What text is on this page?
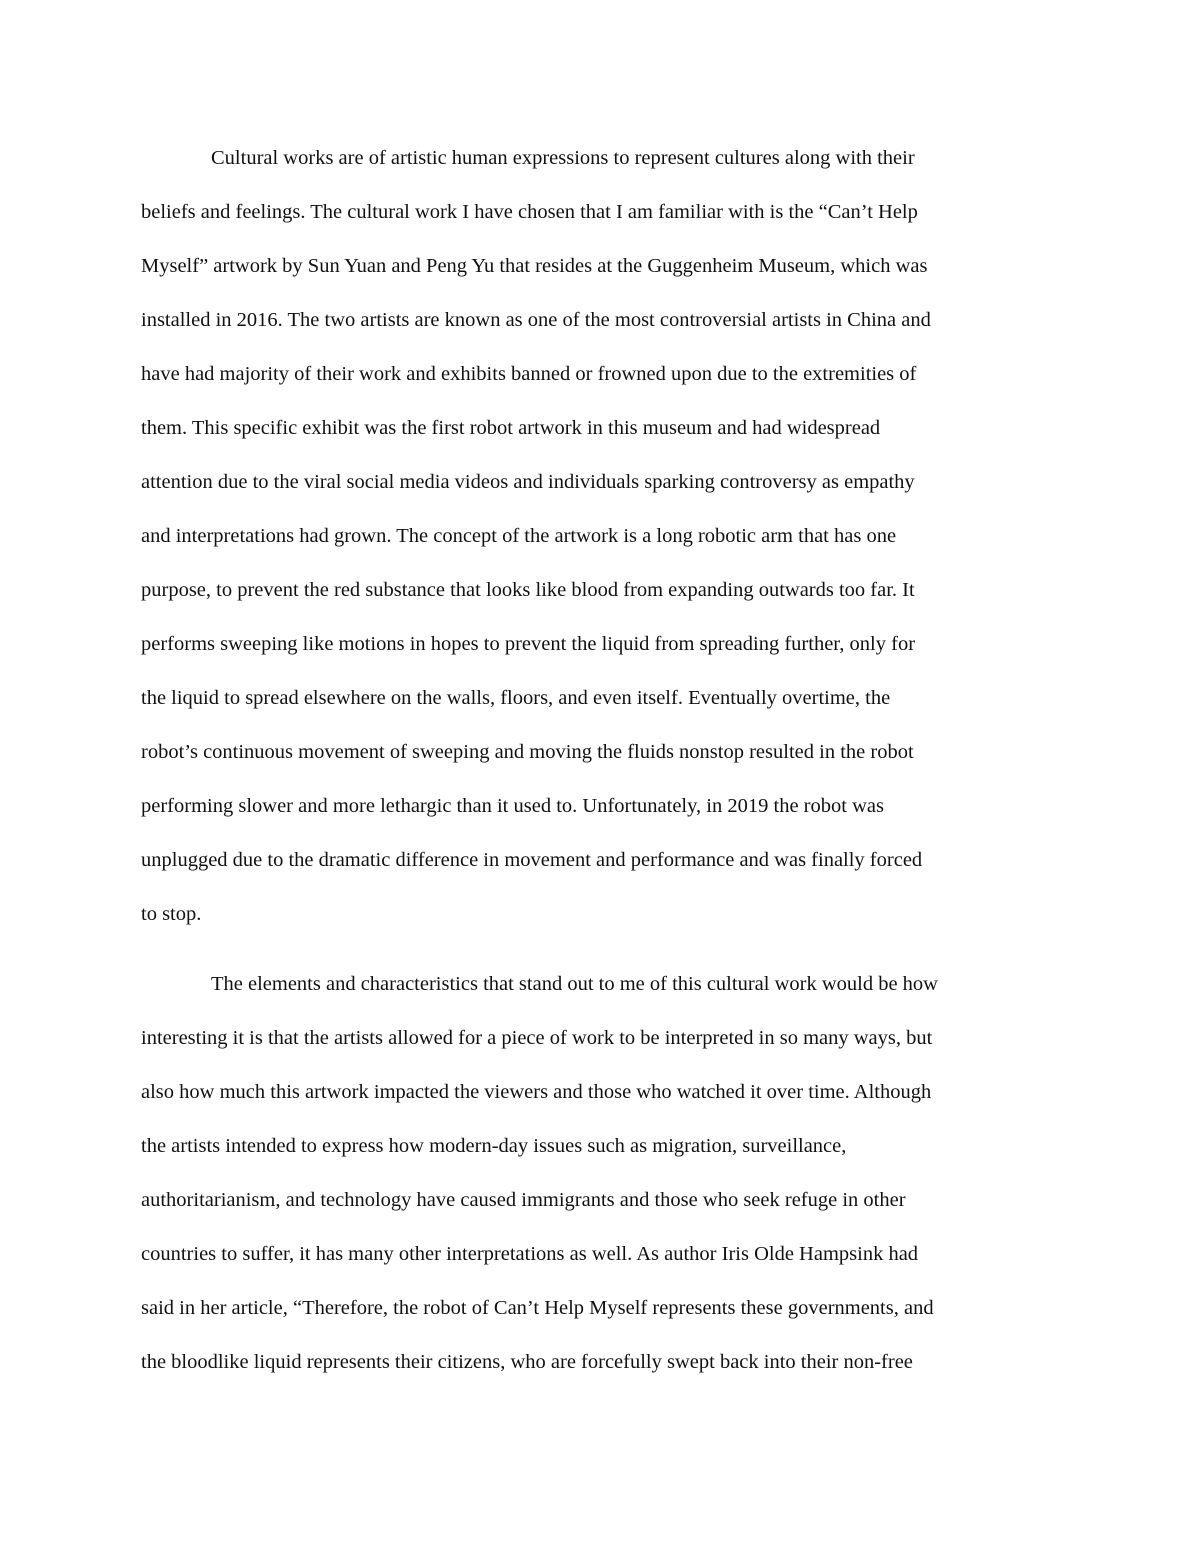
Cultural works are of artistic human expressions to represent cultures along with their
beliefs and feelings. The cultural work I have chosen that I am familiar with is the “Can’t Help
Myself” artwork by Sun Yuan and Peng Yu that resides at the Guggenheim Museum, which was
installed in 2016. The two artists are known as one of the most controversial artists in China and
have had majority of their work and exhibits banned or frowned upon due to the extremities of
them. This specific exhibit was the first robot artwork in this museum and had widespread
attention due to the viral social media videos and individuals sparking controversy as empathy
and interpretations had grown. The concept of the artwork is a long robotic arm that has one
purpose, to prevent the red substance that looks like blood from expanding outwards too far. It
performs sweeping like motions in hopes to prevent the liquid from spreading further, only for
the liquid to spread elsewhere on the walls, floors, and even itself. Eventually overtime, the
robot’s continuous movement of sweeping and moving the fluids nonstop resulted in the robot
performing slower and more lethargic than it used to. Unfortunately, in 2019 the robot was
unplugged due to the dramatic difference in movement and performance and was finally forced
to stop.
The elements and characteristics that stand out to me of this cultural work would be how
interesting it is that the artists allowed for a piece of work to be interpreted in so many ways, but
also how much this artwork impacted the viewers and those who watched it over time. Although
the artists intended to express how modern-day issues such as migration, surveillance,
authoritarianism, and technology have caused immigrants and those who seek refuge in other
countries to suffer, it has many other interpretations as well. As author Iris Olde Hampsink had
said in her article, “Therefore, the robot of Can’t Help Myself represents these governments, and
the bloodlike liquid represents their citizens, who are forcefully swept back into their non-free
